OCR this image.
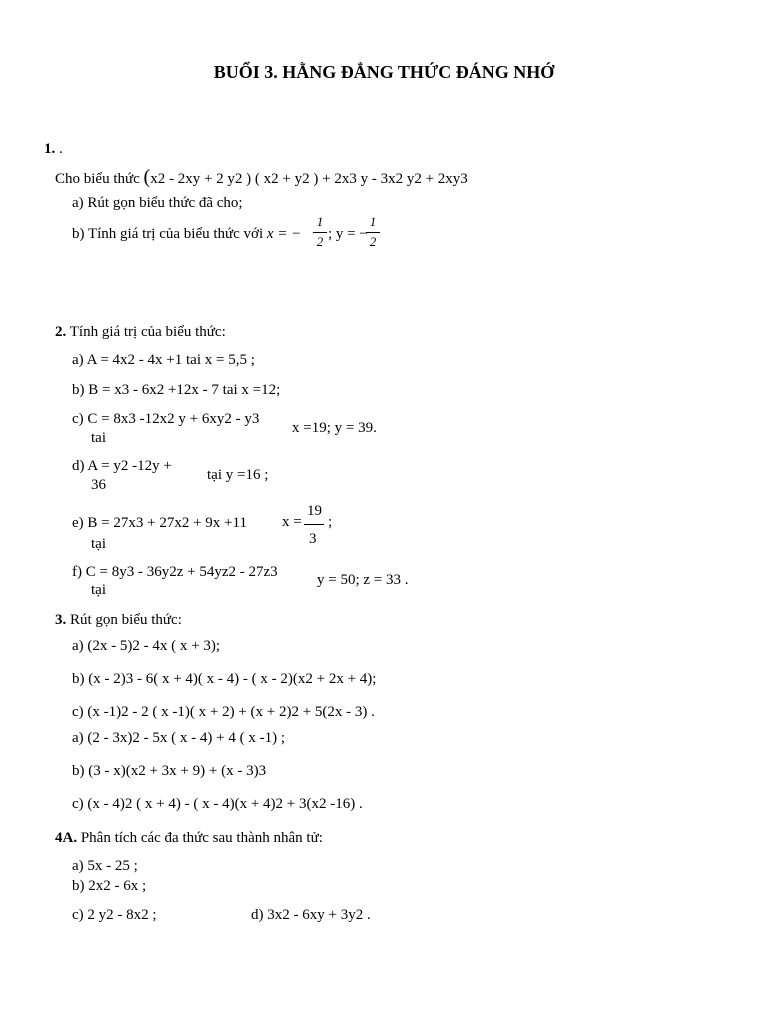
BUỔI 3. HẰNG ĐẲNG THỨC ĐÁNG NHỚ
1. .
Cho biểu thức (x2 - 2xy + 2 y2 ) ( x2 + y2 ) + 2x3 y - 3x2 y2 + 2xy3
a) Rút gọn biểu thức đã cho;
b) Tính giá trị của biểu thức với x = −
1
2 ; y = −
1
2
2. Tính giá trị của biểu thức:
a) A = 4x2 - 4x +1 tai x = 5,5 ;
b) B = x3 - 6x2 +12x - 7 tai x =12;
c) C = 8x3 -12x2 y + 6xy2 - y3
tai
x =19; y = 39.
d) A = y2 -12y +
36
tại y =16 ;
e) B = 27x3 + 27x2 + 9x +11
tại
x =
19
3
;
f) C = 8y3 - 36y2z + 54yz2 - 27z3
tại
y = 50; z = 33 .
3. Rút gọn biểu thức:
a) (2x - 5)2 - 4x ( x + 3);
b) (x - 2)3 - 6( x + 4)( x - 4) - ( x - 2)(x2 + 2x + 4);
c) (x -1)2 - 2 ( x -1)( x + 2) + (x + 2)2 + 5(2x - 3) .
a) (2 - 3x)2 - 5x ( x - 4) + 4 ( x -1) ;
b) (3 - x)(x2 + 3x + 9) + (x - 3)3
c) (x - 4)2 ( x + 4) - ( x - 4)(x + 4)2 + 3(x2 -16) .
4A. Phân tích các đa thức sau thành nhân tử:
a) 5x - 25 ;
b) 2x2 - 6x ;
c) 2 y2 - 8x2 ;	d) 3x2 - 6xy + 3y2 .
